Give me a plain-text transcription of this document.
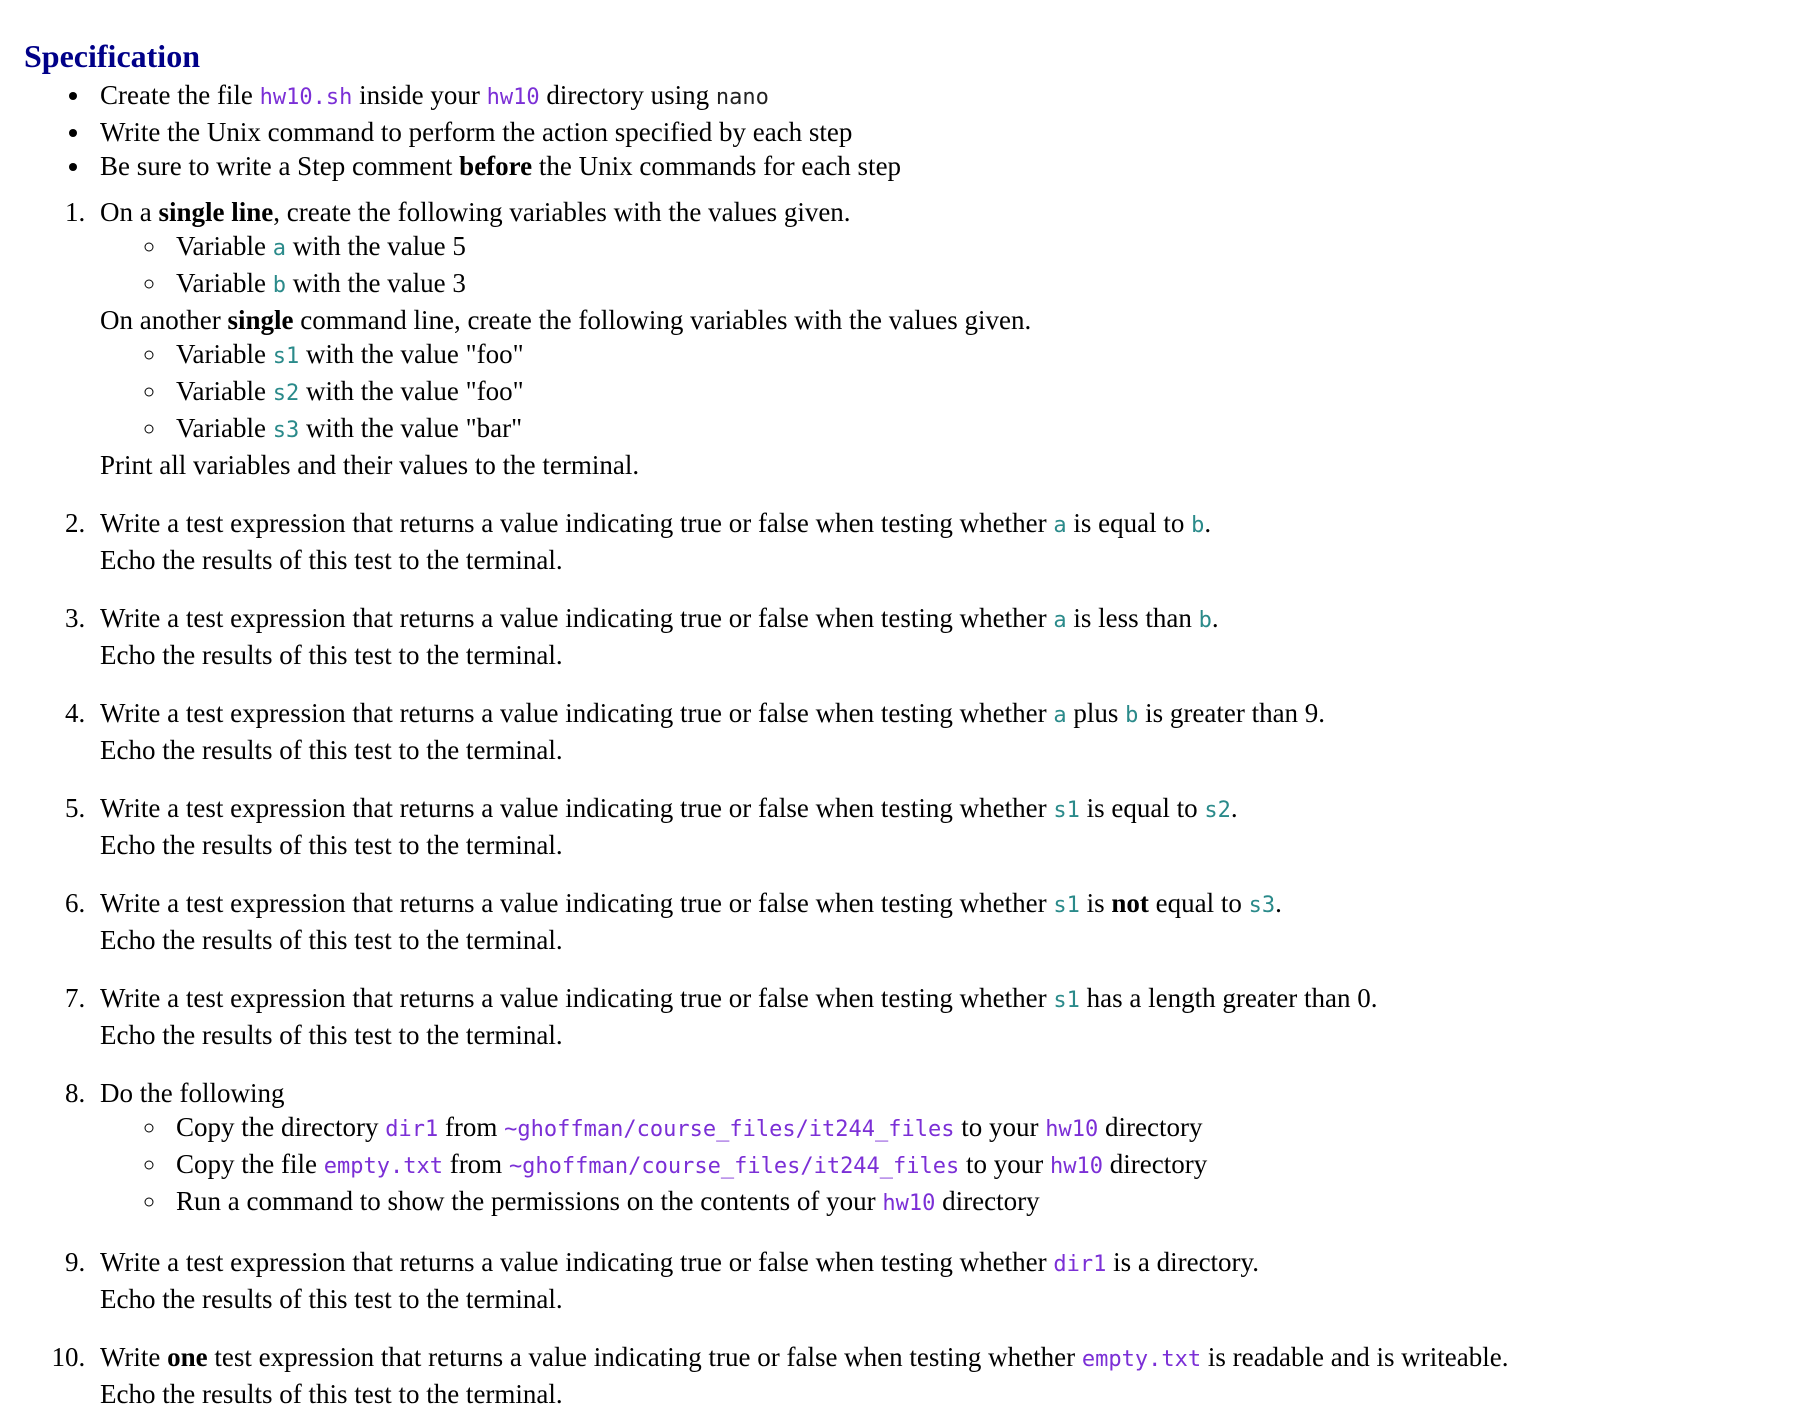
Specification
• Create the file hw10.sh inside your hw10 directory using nano
• Write the Unix command to perform the action specified by each step
• Be sure to write a Step comment before the Unix commands for each step
1. On a single line, create the following variables with the values given.
◦ Variable a with the value 5
◦ Variable b with the value 3
On another single command line, create the following variables with the values given.
◦ Variable s1 with the value "foo"
◦ Variable s2 with the value "foo"
◦ Variable s3 with the value "bar"
Print all variables and their values to the terminal.
2. Write a test expression that returns a value indicating true or false when testing whether a is equal to b.
Echo the results of this test to the terminal.
3. Write a test expression that returns a value indicating true or false when testing whether a is less than b.
Echo the results of this test to the terminal.
4. Write a test expression that returns a value indicating true or false when testing whether a plus b is greater than 9.
Echo the results of this test to the terminal.
5. Write a test expression that returns a value indicating true or false when testing whether s1 is equal to s2.
Echo the results of this test to the terminal.
6. Write a test expression that returns a value indicating true or false when testing whether s1 is not equal to s3.
Echo the results of this test to the terminal.
7. Write a test expression that returns a value indicating true or false when testing whether s1 has a length greater than 0.
Echo the results of this test to the terminal.
8. Do the following
◦ Copy the directory dir1 from ~ghoffman/course_files/it244_files to your hw10 directory
◦ Copy the file empty.txt from ~ghoffman/course_files/it244_files to your hw10 directory
◦ Run a command to show the permissions on the contents of your hw10 directory
9. Write a test expression that returns a value indicating true or false when testing whether dir1 is a directory.
Echo the results of this test to the terminal.
10. Write one test expression that returns a value indicating true or false when testing whether empty.txt is readable and is writeable.
Echo the results of this test to the terminal.
